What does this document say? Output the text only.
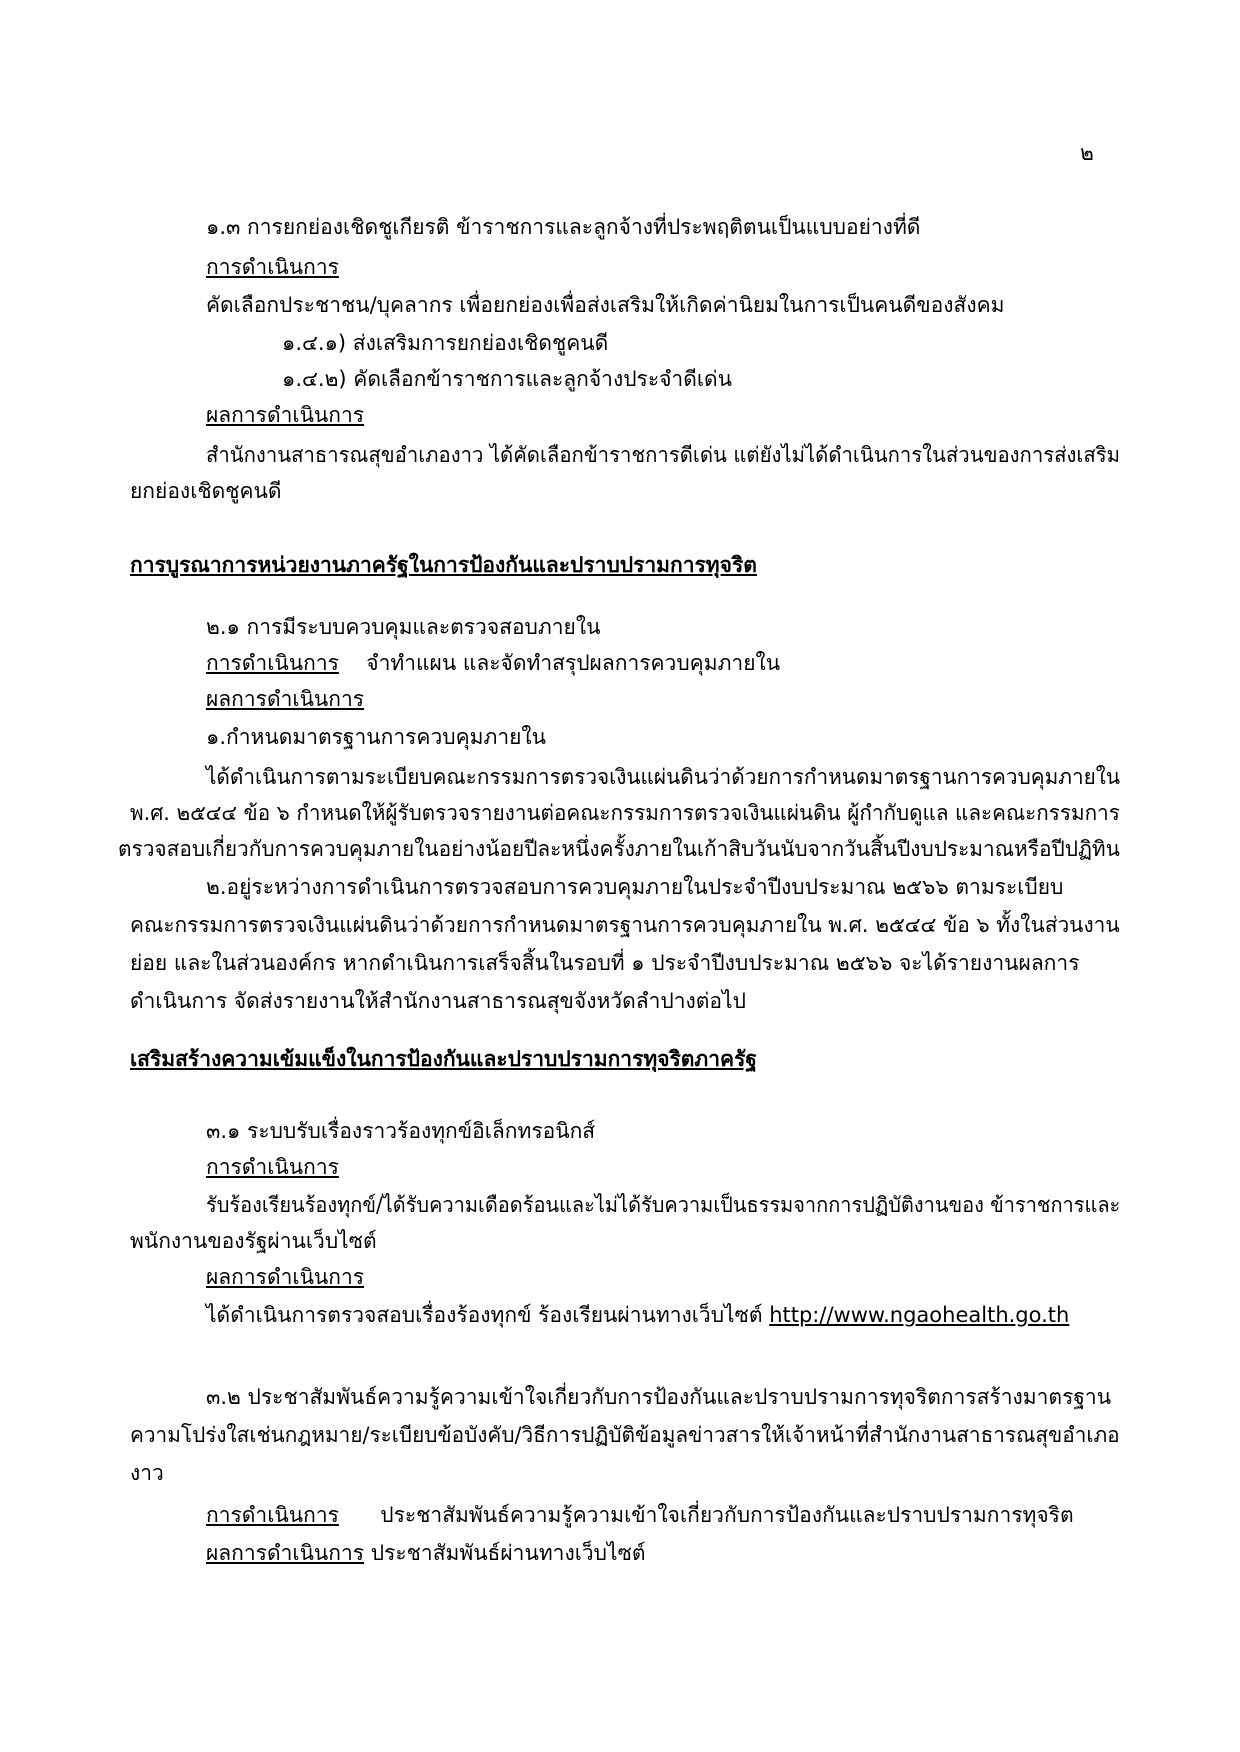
๒
๑.๓ การยกย่องเชิดชูเกียรติ ข้าราชการและลูกจ้างที่ประพฤติตนเป็นแบบอย่างที่ดี
การดำเนินการ
คัดเลือกประชาชน/บุคลากร เพื่อยกย่องเพื่อส่งเสริมให้เกิดค่านิยมในการเป็นคนดีของสังคม
๑.๔.๑) ส่งเสริมการยกย่องเชิดชูคนดี
๑.๔.๒) คัดเลือกข้าราชการและลูกจ้างประจำดีเด่น
ผลการดำเนินการ
สำนักงานสาธารณสุขอำเภองาว ได้คัดเลือกข้าราชการดีเด่น แต่ยังไม่ได้ดำเนินการในส่วนของการส่งเสริม
ยกย่องเชิดชูคนดี
การบูรณาการหน่วยงานภาครัฐในการป้องกันและปราบปรามการทุจริต
๒.๑ การมีระบบควบคุมและตรวจสอบภายใน
การดำเนินการ จำทำแผน และจัดทำสรุปผลการควบคุมภายใน
ผลการดำเนินการ
๑.กำหนดมาตรฐานการควบคุมภายใน
ได้ดำเนินการตามระเบียบคณะกรรมการตรวจเงินแผ่นดินว่าด้วยการกำหนดมาตรฐานการควบคุมภายใน
พ.ศ. ๒๕๔๔ ข้อ ๖ กำหนดให้ผู้รับตรวจรายงานต่อคณะกรรมการตรวจเงินแผ่นดิน ผู้กำกับดูแล และคณะกรรมการ
ตรวจสอบเกี่ยวกับการควบคุมภายในอย่างน้อยปีละหนึ่งครั้งภายในเก้าสิบวันนับจากวันสิ้นปีงบประมาณหรือปีปฏิทิน
๒.อยู่ระหว่างการดำเนินการตรวจสอบการควบคุมภายในประจำปีงบประมาณ ๒๕๖๖ ตามระเบียบ
คณะกรรมการตรวจเงินแผ่นดินว่าด้วยการกำหนดมาตรฐานการควบคุมภายใน พ.ศ. ๒๕๔๔ ข้อ ๖ ทั้งในส่วนงาน
ย่อย และในส่วนองค์กร หากดำเนินการเสร็จสิ้นในรอบที่ ๑ ประจำปีงบประมาณ ๒๕๖๖ จะได้รายงานผลการ
ดำเนินการ จัดส่งรายงานให้สำนักงานสาธารณสุขจังหวัดลำปางต่อไป
เสริมสร้างความเข้มแข็งในการป้องกันและปราบปรามการทุจริตภาครัฐ
๓.๑ ระบบรับเรื่องราวร้องทุกข์อิเล็กทรอนิกส์
การดำเนินการ
รับร้องเรียนร้องทุกข์/ได้รับความเดือดร้อนและไม่ได้รับความเป็นธรรมจากการปฏิบัติงานของ ข้าราชการและ
พนักงานของรัฐผ่านเว็บไซต์
ผลการดำเนินการ
ได้ดำเนินการตรวจสอบเรื่องร้องทุกข์ ร้องเรียนผ่านทางเว็บไซต์ http://www.ngaohealth.go.th
๓.๒ ประชาสัมพันธ์ความรู้ความเข้าใจเกี่ยวกับการป้องกันและปราบปรามการทุจริตการสร้างมาตรฐาน
ความโปร่งใสเช่นกฎหมาย/ระเบียบข้อบังคับ/วิธีการปฏิบัติข้อมูลข่าวสารให้เจ้าหน้าที่สำนักงานสาธารณสุขอำเภอ
งาว
การดำเนินการ ประชาสัมพันธ์ความรู้ความเข้าใจเกี่ยวกับการป้องกันและปราบปรามการทุจริต
ผลการดำเนินการ ประชาสัมพันธ์ผ่านทางเว็บไซต์
